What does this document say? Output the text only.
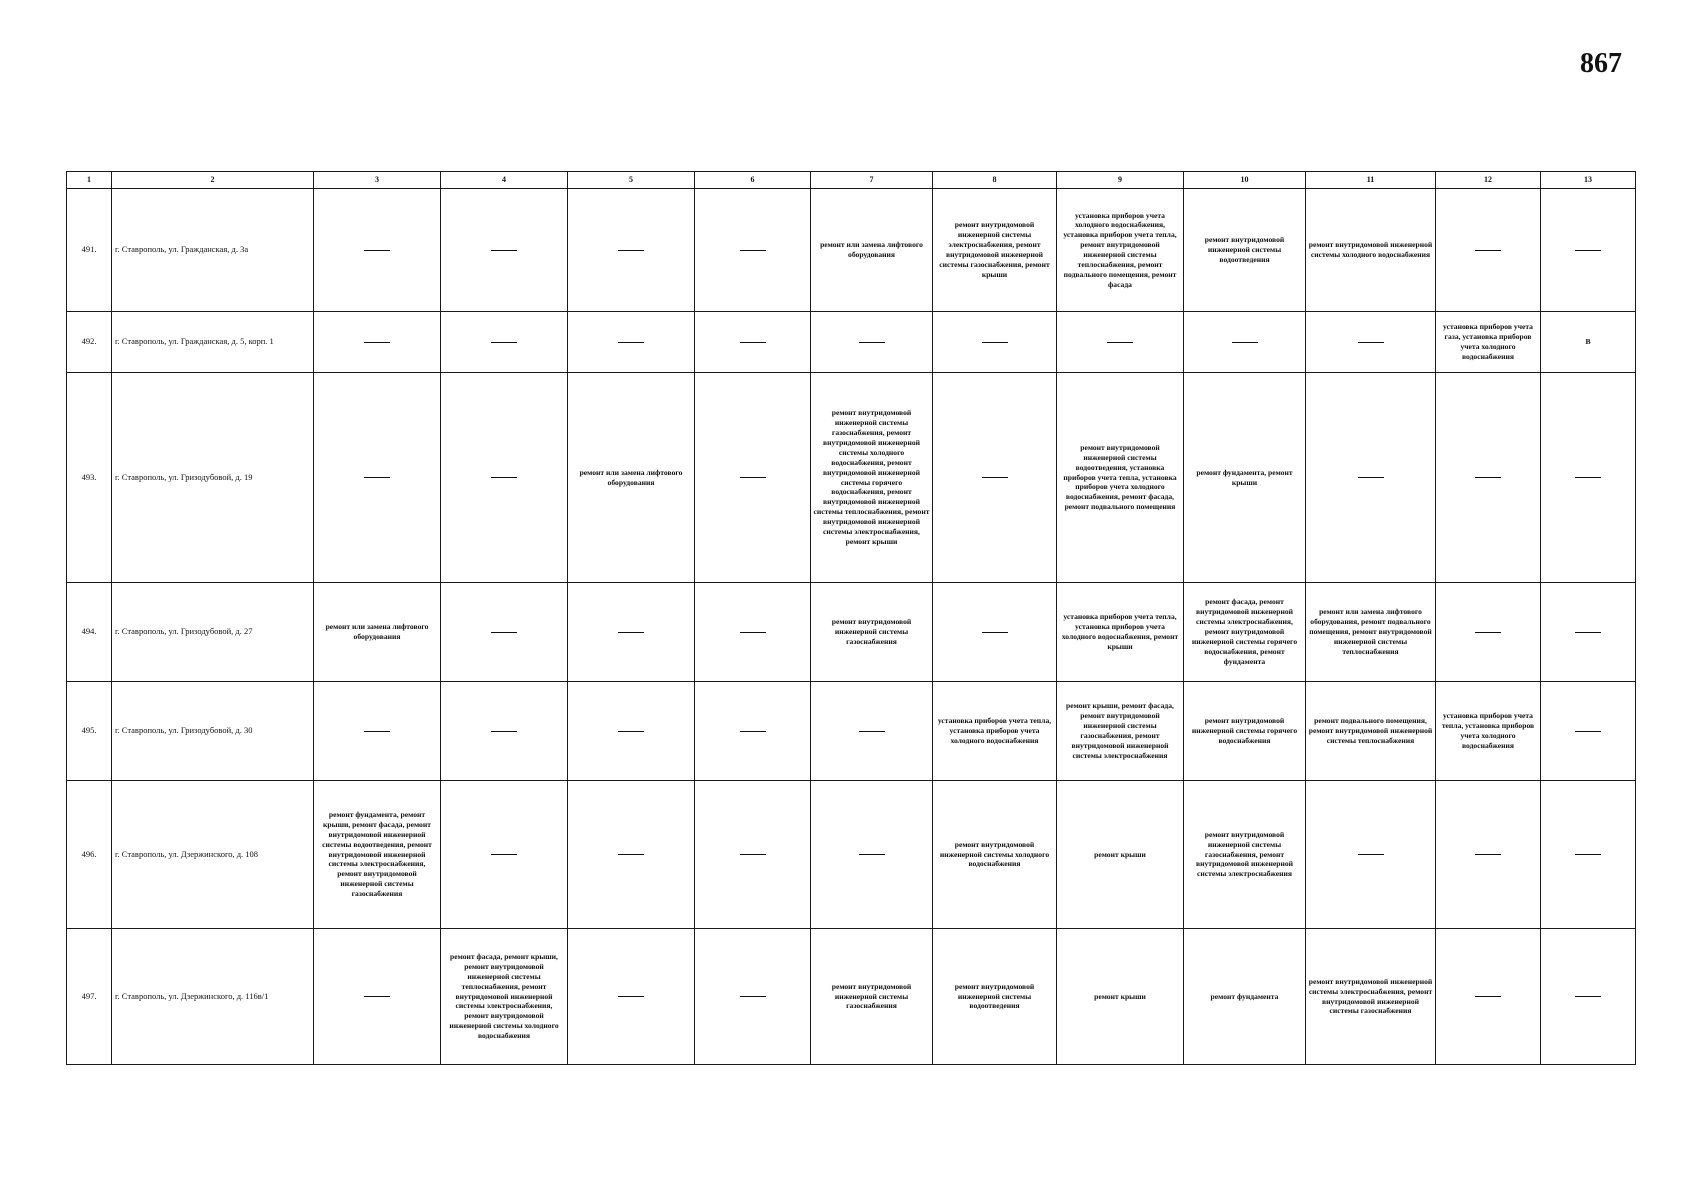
867
1	2	3	4	5	6	7	8	9	10	11	12	13
491.	г. Ставрополь, ул. Гражданская, д. 3а					ремонт или замена лифтового оборудования	ремонт внутридомовой инженерной системы электроснабжения, ремонт внутридомовой инженерной системы газоснабжения, ремонт крыши	установка приборов учета холодного водоснабжения, установка приборов учета тепла, ремонт внутридомовой инженерной системы теплоснабжения, ремонт подвального помещения, ремонт фасада	ремонт внутридомовой инженерной системы водоотведения	ремонт внутридомовой инженерной системы холодного водоснабжения		
492.	г. Ставрополь, ул. Гражданская, д. 5, корп. 1										установка приборов учета газа, установка приборов учета холодного водоснабжения	В
493.	г. Ставрополь, ул. Гризодубовой, д. 19			ремонт или замена лифтового оборудования		ремонт внутридомовой инженерной системы газоснабжения, ремонт внутридомовой инженерной системы холодного водоснабжения, ремонт внутридомовой инженерной системы горячего водоснабжения, ремонт внутридомовой инженерной системы теплоснабжения, ремонт внутридомовой инженерной системы электроснабжения, ремонт крыши		ремонт внутридомовой инженерной системы водоотведения, установка приборов учета тепла, установка приборов учета холодного водоснабжения, ремонт фасада, ремонт подвального помещения	ремонт фундамента, ремонт крыши			
494.	г. Ставрополь, ул. Гризодубовой, д. 27	ремонт или замена лифтового оборудования				ремонт внутридомовой инженерной системы газоснабжения		установка приборов учета тепла, установка приборов учета холодного водоснабжения, ремонт крыши	ремонт фасада, ремонт внутридомовой инженерной системы электроснабжения, ремонт внутридомовой инженерной системы горячего водоснабжения, ремонт фундамента	ремонт или замена лифтового оборудования, ремонт подвального помещения, ремонт внутридомовой инженерной системы теплоснабжения		
495.	г. Ставрополь, ул. Гризодубовой, д. 30						установка приборов учета тепла, установка приборов учета холодного водоснабжения	ремонт крыши, ремонт фасада, ремонт внутридомовой инженерной системы газоснабжения, ремонт внутридомовой инженерной системы электроснабжения	ремонт внутридомовой инженерной системы горячего водоснабжения	ремонт подвального помещения, ремонт внутридомовой инженерной системы теплоснабжения	установка приборов учета тепла, установка приборов учета холодного водоснабжения	
496.	г. Ставрополь, ул. Дзержинского, д. 108	ремонт фундамента, ремонт крыши, ремонт фасада, ремонт внутридомовой инженерной системы водоотведения, ремонт внутридомовой инженерной системы электроснабжения, ремонт внутридомовой инженерной системы газоснабжения					ремонт внутридомовой инженерной системы холодного водоснабжения	ремонт крыши	ремонт внутридомовой инженерной системы газоснабжения, ремонт внутридомовой инженерной системы электроснабжения			
497.	г. Ставрополь, ул. Дзержинского, д. 116в/1		ремонт фасада, ремонт крыши, ремонт внутридомовой инженерной системы теплоснабжения, ремонт внутридомовой инженерной системы электроснабжения, ремонт внутридомовой инженерной системы холодного водоснабжения			ремонт внутридомовой инженерной системы газоснабжения	ремонт внутридомовой инженерной системы водоотведения	ремонт крыши	ремонт фундамента	ремонт внутридомовой инженерной системы электроснабжения, ремонт внутридомовой инженерной системы газоснабжения		
